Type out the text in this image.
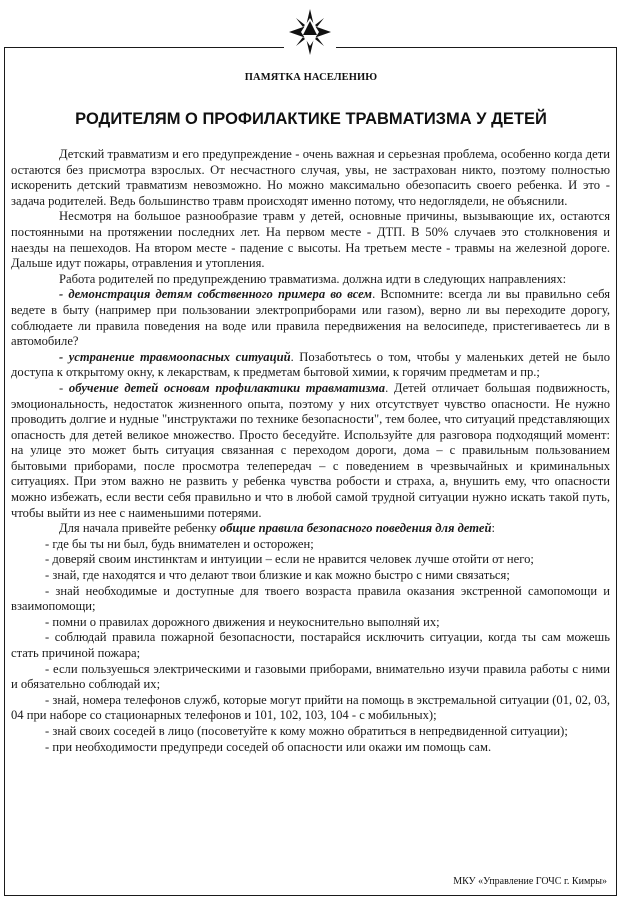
ПАМЯТКА НАСЕЛЕНИЮ
РОДИТЕЛЯМ О ПРОФИЛАКТИКЕ ТРАВМАТИЗМА У ДЕТЕЙ

Детский травматизм и его предупреждение - очень важная и серьезная проблема, особенно когда дети остаются без присмотра взрослых. От несчастного случая, увы, не застрахован никто, поэтому полностью искоренить детский травматизм невозможно. Но можно максимально обезопасить своего ребенка. И это - задача родителей. Ведь большинство травм происходят именно потому, что недоглядели, не объяснили.

Несмотря на большое разнообразие травм у детей, основные причины, вызывающие их, остаются постоянными на протяжении последних лет. На первом месте - ДТП. В 50% случаев это столкновения и наезды на пешеходов. На втором месте - падение с высоты. На третьем месте - травмы на железной дороге. Дальше идут пожары, отравления и утопления.

Работа родителей по предупреждению травматизма. должна идти в следующих направлениях:

- демонстрация детям собственного примера во всем. Вспомните: всегда ли вы правильно себя ведете в быту (например при пользовании электроприборами или газом), верно ли вы переходите дорогу, соблюдаете ли правила поведения на воде или правила передвижения на велосипеде, пристегиваетесь ли в автомобиле?

- устранение травмоопасных ситуаций. Позаботьтесь о том, чтобы у маленьких детей не было доступа к открытому окну, к лекарствам, к предметам бытовой химии, к горячим предметам и пр.;

- обучение детей основам профилактики травматизма. Детей отличает большая подвижность, эмоциональность, недостаток жизненного опыта, поэтому у них отсутствует чувство опасности. Не нужно проводить долгие и нудные "инструктажи по технике безопасности", тем более, что ситуаций представляющих опасность для детей великое множество. Просто беседуйте. Используйте для разговора подходящий момент: на улице это может быть ситуация связанная с переходом дороги, дома – с правильным пользованием бытовыми приборами, после просмотра телепередач – с поведением в чрезвычайных и криминальных ситуациях. При этом важно не развить у ребенка чувства робости и страха, а, внушить ему, что опасности можно избежать, если вести себя правильно и что в любой самой трудной ситуации нужно искать такой путь, чтобы выйти из нее с наименьшими потерями.

Для начала привейте ребенку общие правила безопасного поведения для детей:

- где бы ты ни был, будь внимателен и осторожен;

- доверяй своим инстинктам и интуиции – если не нравится человек лучше отойти от него;

- знай, где находятся и что делают твои близкие и как можно быстро с ними связаться;

- знай необходимые и доступные для твоего возраста правила оказания экстренной самопомощи и взаимопомощи;

- помни о правилах дорожного движения и неукоснительно выполняй их;

- соблюдай правила пожарной безопасности, постарайся исключить ситуации, когда ты сам можешь стать причиной пожара;

- если пользуешься электрическими и газовыми приборами, внимательно изучи правила работы с ними и обязательно соблюдай их;

- знай, номера телефонов служб, которые могут прийти на помощь в экстремальной ситуации (01, 02, 03, 04 при наборе со стационарных телефонов и 101, 102, 103, 104 - с мобильных);

- знай своих соседей в лицо (посоветуйте к кому можно обратиться в непредвиденной ситуации);

- при необходимости предупреди соседей об опасности или окажи им помощь сам.

МКУ «Управление ГОЧС г. Кимры»
